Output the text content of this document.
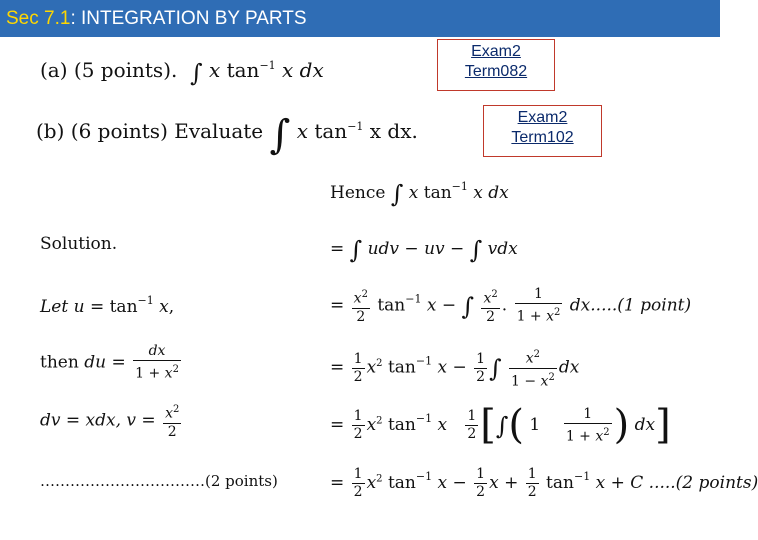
Sec 7.1: INTEGRATION BY PARTS
Exam2
Term082
Exam2
Term102
(a) (5 points). ∫ x $\tan^{-1} x$ dx
(b) (6 points) Evaluate ∫ x $\tan^{-1} x$ dx.
Solution.
Let $u = \tan^{-1} x$,
then du = $\frac{dx}{1 + x^2}$
dv = xdx, $v = \frac{x^2}{2}$
……………………………(2 points)
Hence ∫ x $\tan^{-1} x$ dx
= ∫ udv − uv − ∫ vdx
= $\frac{x^2}{2} \tan^{-1} x$ − ∫ $\frac{x^2}{2}$ . $\frac{1}{1 + x^2} dx.....(1$ point)
= $\frac{1}{2} x^2$ $\tan^{-1} x - \frac{1}{2}$ ∫ $\frac{x^2}{1 - x^2}$ dx
= $\frac{1}{2} x^2$ $\tan^{-1} x \frac{1}{2}$ [∫( $1 \frac{1}{1 + x^2}$ ) dx]
= $\frac{1}{2} x^2$ $\tan^{-1} x - \frac{1}{2}$ $x + \frac{1}{2} \tan^{-1} x + C$ .....(2 points)
